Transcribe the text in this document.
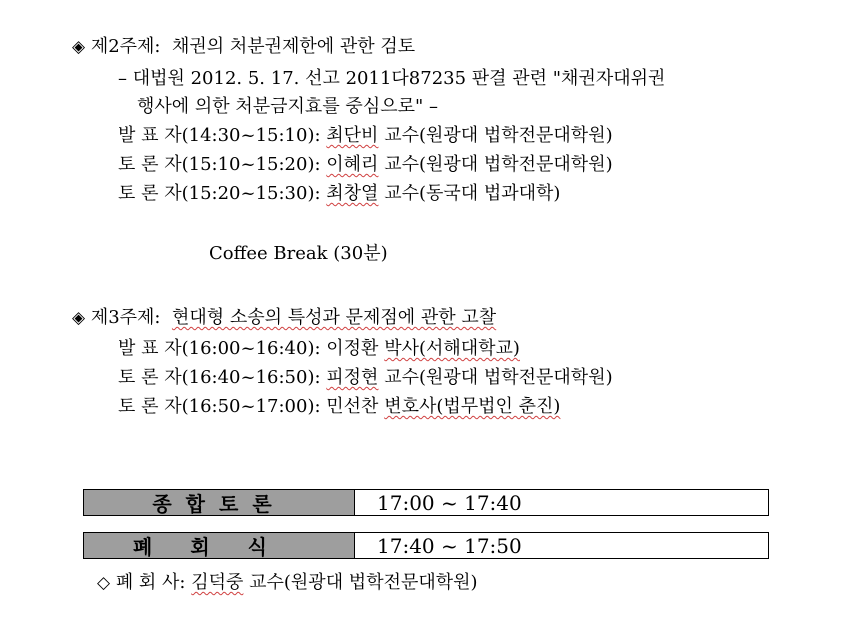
◈ 제2주제: 채권의 처분권제한에 관한 검토
– 대법원 2012. 5. 17. 선고 2011다87235 판결 관련 "채권자대위권
행사에 의한 처분금지효를 중심으로" –
발 표 자(14:30~15:10): 최단비 교수(원광대 법학전문대학원)
토 론 자(15:10~15:20): 이혜리 교수(원광대 법학전문대학원)
토 론 자(15:20~15:30): 최창열 교수(동국대 법과대학)
Coffee Break (30분)
◈ 제3주제: 현대형 소송의 특성과 문제점에 관한 고찰
발 표 자(16:00~16:40): 이정환 박사(서해대학교)
토 론 자(16:40~16:50): 피정현 교수(원광대 법학전문대학원)
토 론 자(16:50~17:00): 민선찬 변호사(법무법인 춘진)
종합토론	17:00 ~ 17:40
폐회식	17:40 ~ 17:50
◇ 폐 회 사: 김덕중 교수(원광대 법학전문대학원)
